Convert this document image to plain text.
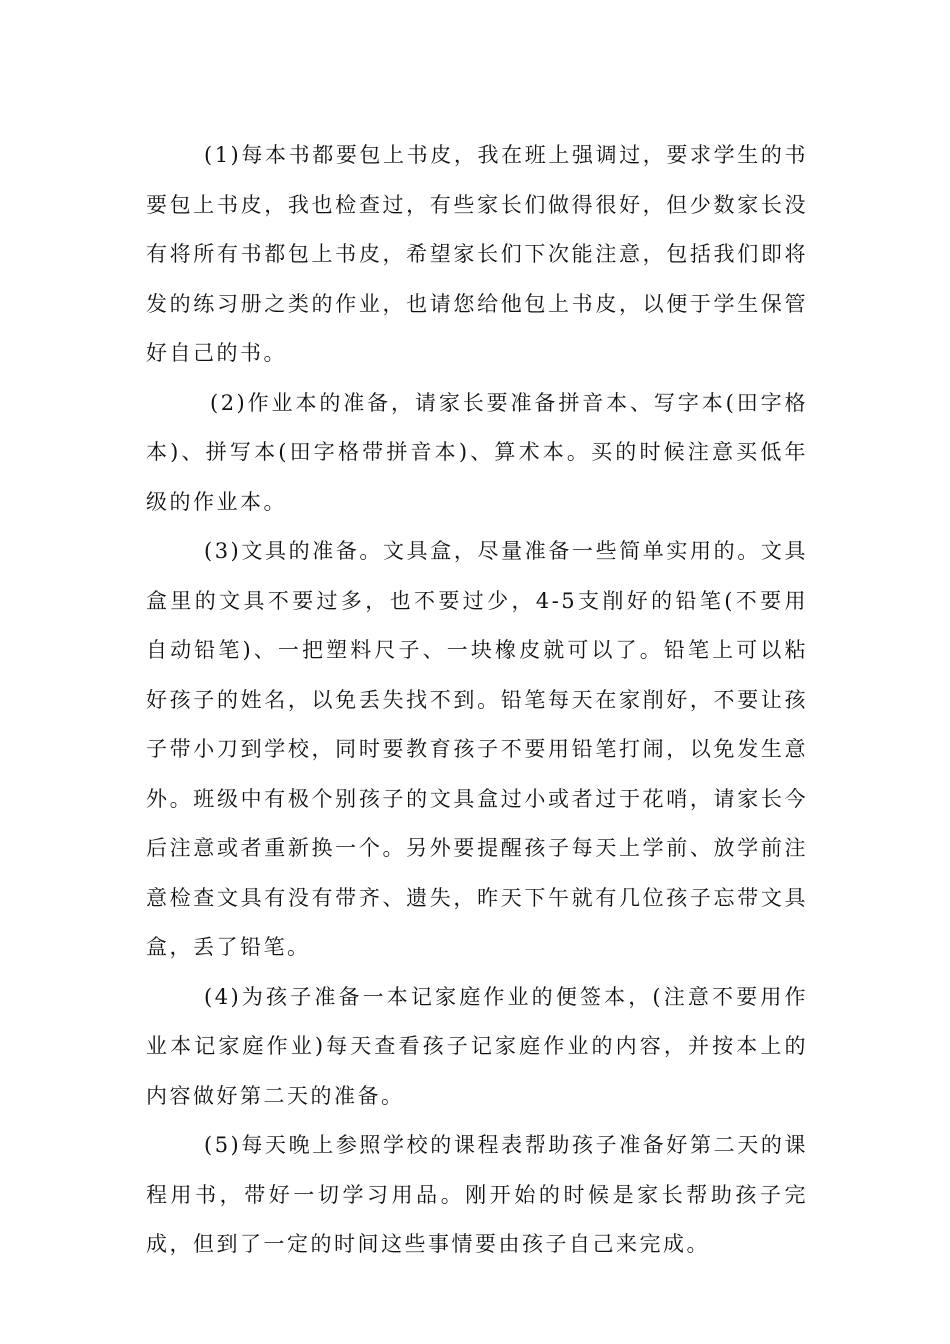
(1)每本书都要包上书皮，我在班上强调过，要求学生的书要包上书皮，我也检查过，有些家长们做得很好，但少数家长没有将所有书都包上书皮，希望家长们下次能注意，包括我们即将发的练习册之类的作业，也请您给他包上书皮，以便于学生保管好自己的书。

(2)作业本的准备，请家长要准备拼音本、写字本(田字格本)、拼写本(田字格带拼音本)、算术本。买的时候注意买低年级的作业本。

(3)文具的准备。文具盒，尽量准备一些简单实用的。文具盒里的文具不要过多，也不要过少，4-5支削好的铅笔(不要用自动铅笔)、一把塑料尺子、一块橡皮就可以了。铅笔上可以粘好孩子的姓名，以免丢失找不到。铅笔每天在家削好，不要让孩子带小刀到学校，同时要教育孩子不要用铅笔打闹，以免发生意外。班级中有极个别孩子的文具盒过小或者过于花哨，请家长今后注意或者重新换一个。另外要提醒孩子每天上学前、放学前注意检查文具有没有带齐、遗失，昨天下午就有几位孩子忘带文具盒，丢了铅笔。

(4)为孩子准备一本记家庭作业的便签本，(注意不要用作业本记家庭作业)每天查看孩子记家庭作业的内容，并按本上的内容做好第二天的准备。

(5)每天晚上参照学校的课程表帮助孩子准备好第二天的课程用书，带好一切学习用品。刚开始的时候是家长帮助孩子完成，但到了一定的时间这些事情要由孩子自己来完成。
